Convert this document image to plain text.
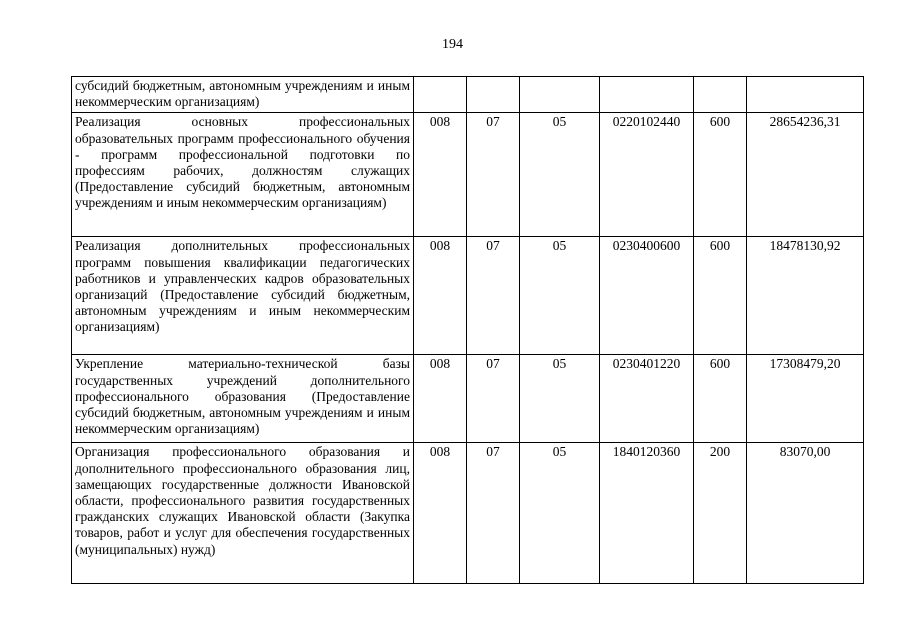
194
субсидий бюджетным, автономным учреждениям и иным некоммерческим организациям)						
Реализация основных профессиональных образовательных программ профессионального обучения - программ профессиональной подготовки по профессиям рабочих, должностям служащих (Предоставление субсидий бюджетным, автономным учреждениям и иным некоммерческим организациям)	008	07	05	0220102440	600	28654236,31
Реализация дополнительных профессиональных программ повышения квалификации педагогических работников и управленческих кадров образовательных организаций (Предоставление субсидий бюджетным, автономным учреждениям и иным некоммерческим организациям)	008	07	05	0230400600	600	18478130,92
Укрепление материально-технической базы государственных учреждений дополнительного профессионального образования (Предоставление субсидий бюджетным, автономным учреждениям и иным некоммерческим организациям)	008	07	05	0230401220	600	17308479,20
Организация профессионального образования и дополнительного профессионального образования лиц, замещающих государственные должности Ивановской области, профессионального развития государственных гражданских служащих Ивановской области (Закупка товаров, работ и услуг для обеспечения государственных (муниципальных) нужд)	008	07	05	1840120360	200	83070,00
